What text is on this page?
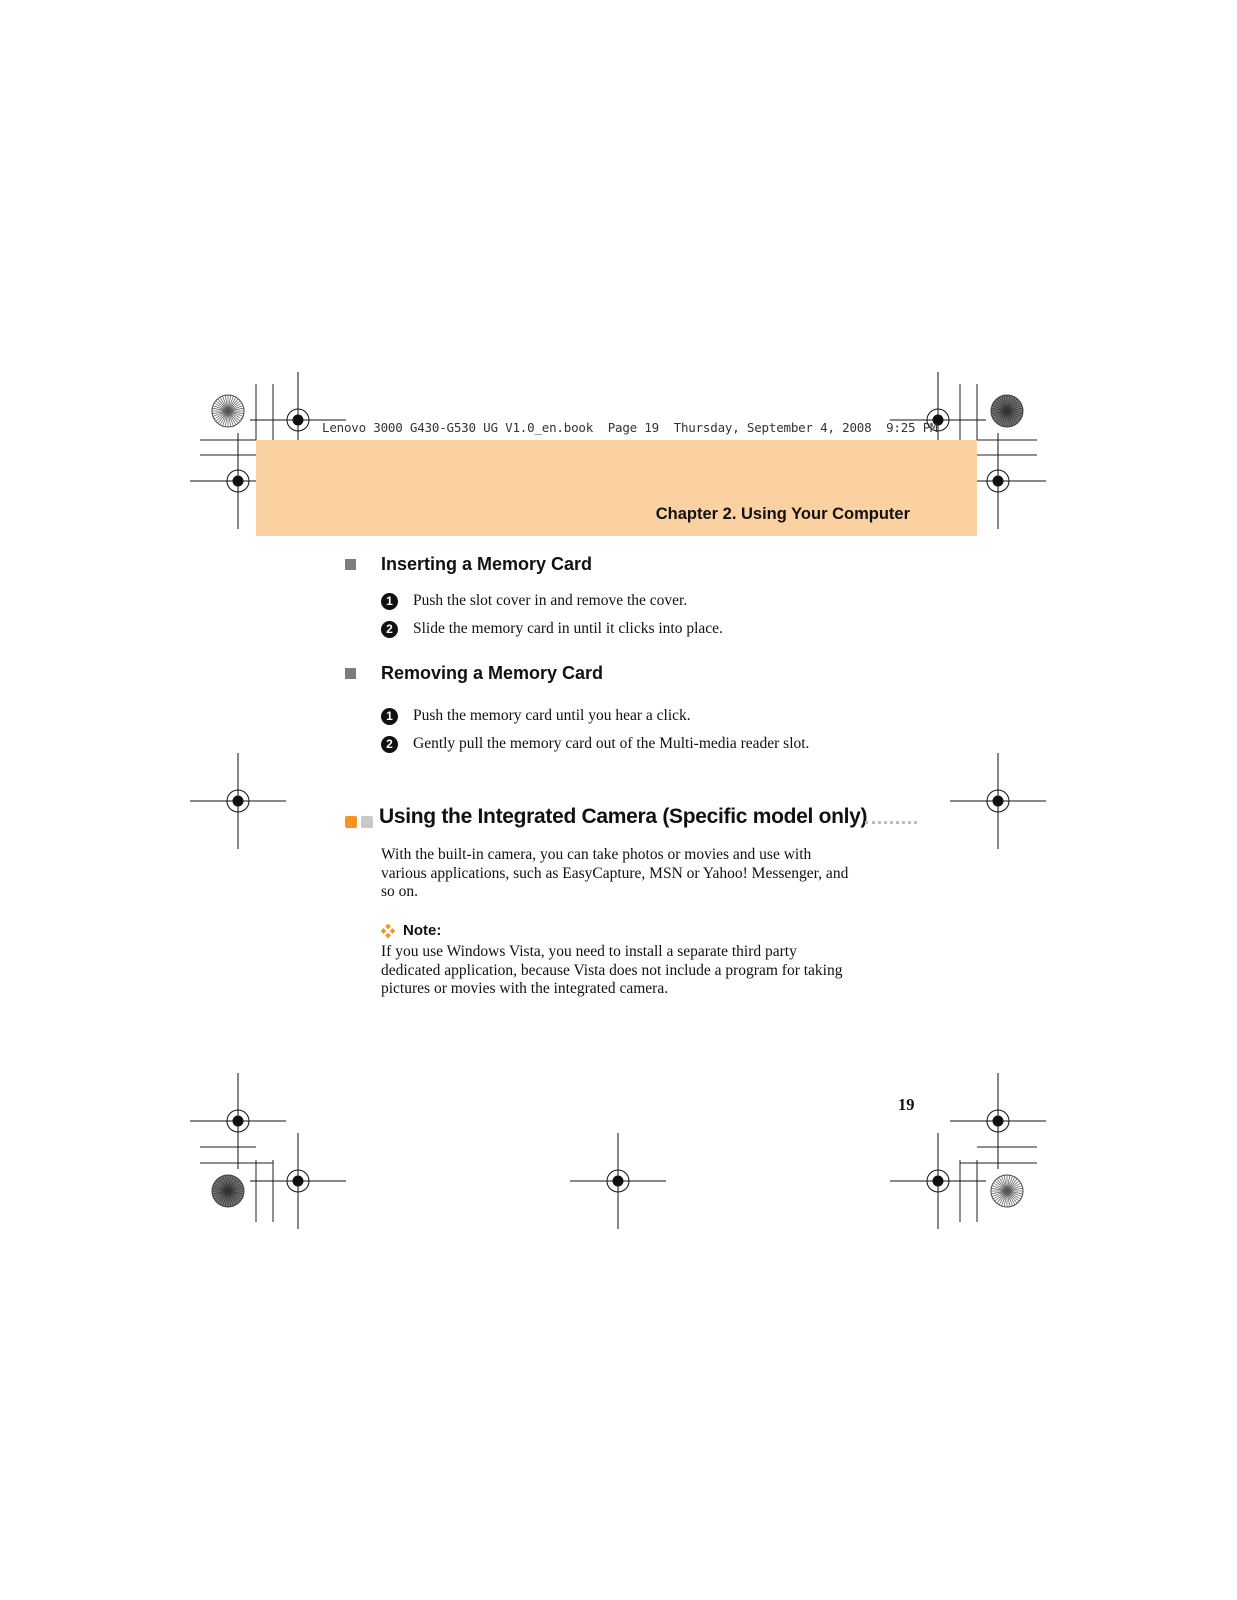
Lenovo 3000 G430-G530 UG V1.0_en.book  Page 19  Thursday, September 4, 2008  9:25 PM
Chapter 2. Using Your Computer
Inserting a Memory Card
1	Push the slot cover in and remove the cover.
2	Slide the memory card in until it clicks into place.
Removing a Memory Card
1	Push the memory card until you hear a click.
2	Gently pull the memory card out of the Multi-media reader slot.
Using the Integrated Camera (Specific model only)
With the built-in camera, you can take photos or movies and use with
various applications, such as EasyCapture, MSN or Yahoo! Messenger, and
so on.
Note:
If you use Windows Vista, you need to install a separate third party
dedicated application, because Vista does not include a program for taking
pictures or movies with the integrated camera.
19
